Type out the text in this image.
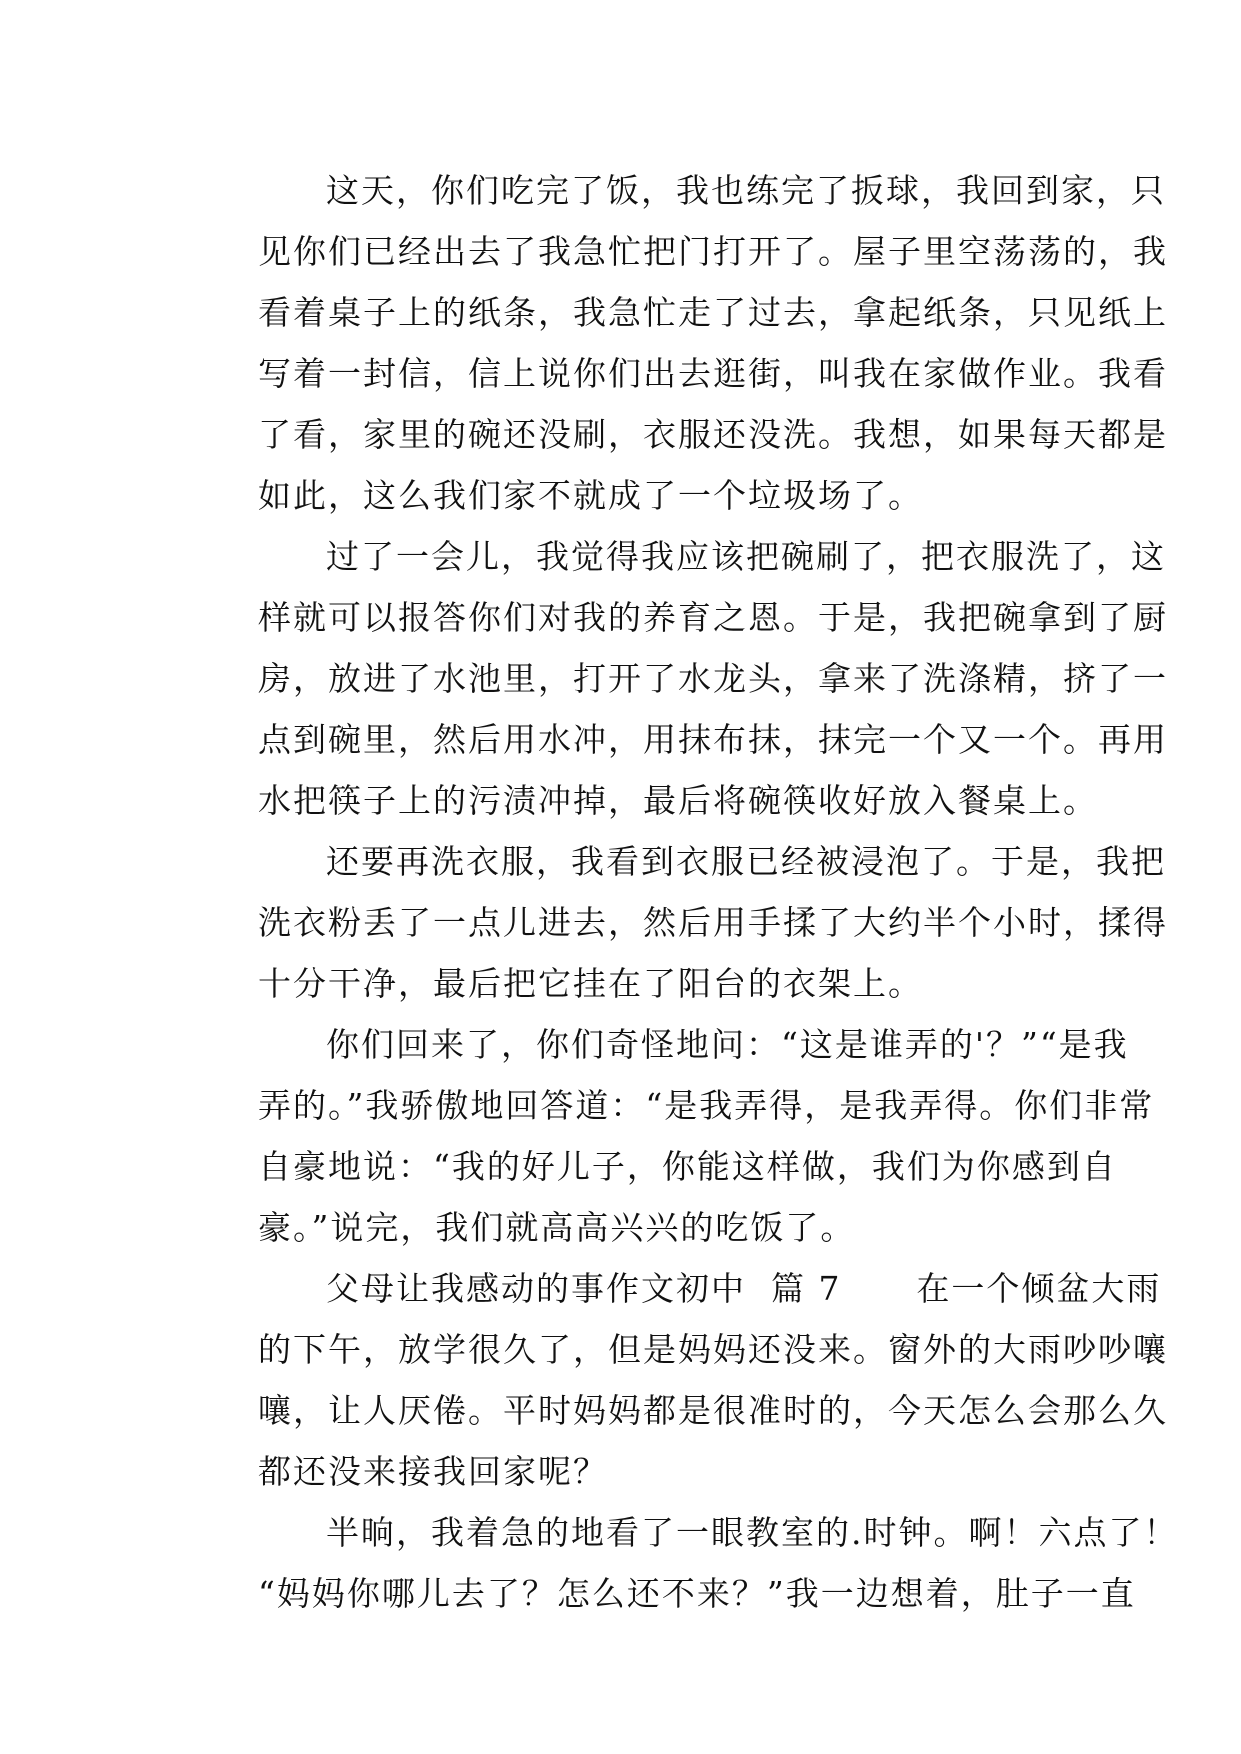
这天，你们吃完了饭，我也练完了扳球，我回到家，只
见你们已经出去了我急忙把门打开了。屋子里空荡荡的，我
看着桌子上的纸条，我急忙走了过去，拿起纸条，只见纸上
写着一封信，信上说你们出去逛街，叫我在家做作业。我看
了看，家里的碗还没刷，衣服还没洗。我想，如果每天都是
如此，这么我们家不就成了一个垃圾场了。
过了一会儿，我觉得我应该把碗刷了，把衣服洗了，这
样就可以报答你们对我的养育之恩。于是，我把碗拿到了厨
房，放进了水池里，打开了水龙头，拿来了洗涤精，挤了一
点到碗里，然后用水冲，用抹布抹，抹完一个又一个。再用
水把筷子上的污渍冲掉，最后将碗筷收好放入餐桌上。
还要再洗衣服，我看到衣服已经被浸泡了。于是，我把
洗衣粉丢了一点儿进去，然后用手揉了大约半个小时，揉得
十分干净，最后把它挂在了阳台的衣架上。
你们回来了，你们奇怪地问：“这是谁弄的'？”“是我
弄的。”我骄傲地回答道：“是我弄得，是我弄得。你们非常
自豪地说：“我的好儿子，你能这样做，我们为你感到自
豪。”说完，我们就高高兴兴的吃饭了。
父母让我感动的事作文初中  篇 7      在一个倾盆大雨
的下午，放学很久了，但是妈妈还没来。窗外的大雨吵吵嚷
嚷，让人厌倦。平时妈妈都是很准时的，今天怎么会那么久
都还没来接我回家呢？
半晌，我着急的地看了一眼教室的.时钟。啊！六点了！
“妈妈你哪儿去了？怎么还不来？”我一边想着，肚子一直
